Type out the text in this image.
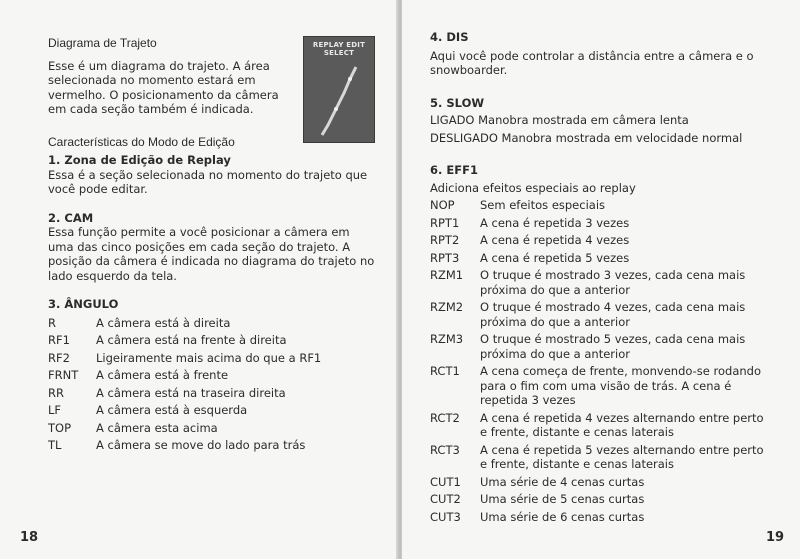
REPLAY EDIT SELECT

Diagrama de Trajeto

Esse é um diagrama do trajeto. A área selecionada no momento estará em vermelho. O posicionamento da câmera em cada seção também é indicada.

Características do Modo de Edição

1. Zona de Edição de Replay

Essa é a seção selecionada no momento do trajeto que você pode editar.

2. CAM

Essa função permite a você posicionar a câmera em uma das cinco posições em cada seção do trajeto. A posição da câmera é indicada no diagrama do trajeto no lado esquerdo da tela.

3. ÂNGULO

R	A câmera está à direita
RF1	A câmera está na frente à direita
RF2	Ligeiramente mais acima do que a RF1
FRNT	A câmera está à frente
RR	A câmera está na traseira direita
LF	A câmera está à esquerda
TOP	A câmera esta acima
TL	A câmera se move do lado para trás
18

4. DIS

Aqui você pode controlar a distância entre a câmera e o snowboarder.

5. SLOW

LIGADO Manobra mostrada em câmera lenta

DESLIGADO Manobra mostrada em velocidade normal

6. EFF1

Adiciona efeitos especiais ao replay

NOP	Sem efeitos especiais
RPT1	A cena é repetida 3 vezes
RPT2	A cena é repetida 4 vezes
RPT3	A cena é repetida 5 vezes
RZM1	O truque é mostrado 3 vezes, cada cena mais próxima do que a anterior
RZM2	O truque é mostrado 4 vezes, cada cena mais próxima do que a anterior
RZM3	O truque é mostrado 5 vezes, cada cena mais próxima do que a anterior
RCT1	A cena começa de frente, monvendo-se rodando para o fim com uma visão de trás. A cena é repetida 3 vezes
RCT2	A cena é repetida 4 vezes alternando entre perto e frente, distante e cenas laterais
RCT3	A cena é repetida 5 vezes alternando entre perto e frente, distante e cenas laterais
CUT1	Uma série de 4 cenas curtas
CUT2	Uma série de 5 cenas curtas
CUT3	Uma série de 6 cenas curtas
19
